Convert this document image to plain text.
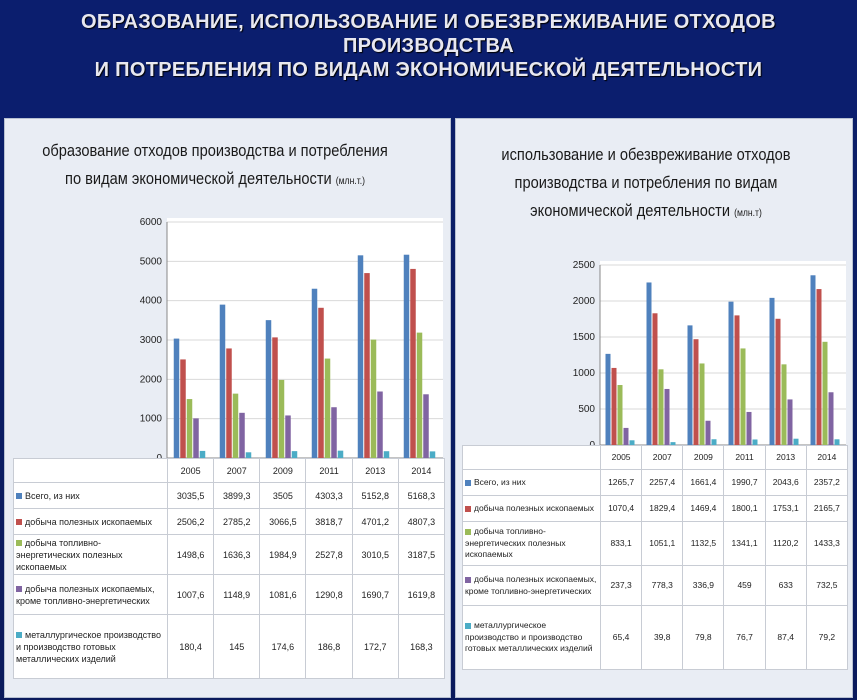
ОБРАЗОВАНИЕ, ИСПОЛЬЗОВАНИЕ И ОБЕЗВРЕЖИВАНИЕ ОТХОДОВ ПРОИЗВОДСТВА
И ПОТРЕБЛЕНИЯ ПО ВИДАМ ЭКОНОМИЧЕСКОЙ ДЕЯТЕЛЬНОСТИ
образование отходов производства и потребления
по видам экономической деятельности (млн.т.)
1000
2000
3000
4000
5000
6000
	2005	2007	2009	2011	2013	2014
Всего, из них	3035,5	3899,3	3505	4303,3	5152,8	5168,3
добыча полезных ископаемых	2506,2	2785,2	3066,5	3818,7	4701,2	4807,3
добыча топливно-энергетических полезных ископаемых	1498,6	1636,3	1984,9	2527,8	3010,5	3187,5
добыча полезных ископаемых, кроме топливно-энергетических	1007,6	1148,9	1081,6	1290,8	1690,7	1619,8
металлургическое производство и производство готовых металлических изделий	180,4	145	174,6	186,8	172,7	168,3
использование и обезвреживание отходов
производства и потребления по видам
экономической деятельности (млн.т)
500
1000
1500
2000
2500
	2005	2007	2009	2011	2013	2014
Всего, из них	1265,7	2257,4	1661,4	1990,7	2043,6	2357,2
добыча полезных ископаемых	1070,4	1829,4	1469,4	1800,1	1753,1	2165,7
добыча топливно-энергетических полезных ископаемых	833,1	1051,1	1132,5	1341,1	1120,2	1433,3
добыча полезных ископаемых, кроме топливно-энергетических	237,3	778,3	336,9	459	633	732,5
металлургическое производство и производство готовых металлических изделий	65,4	39,8	79,8	76,7	87,4	79,2
